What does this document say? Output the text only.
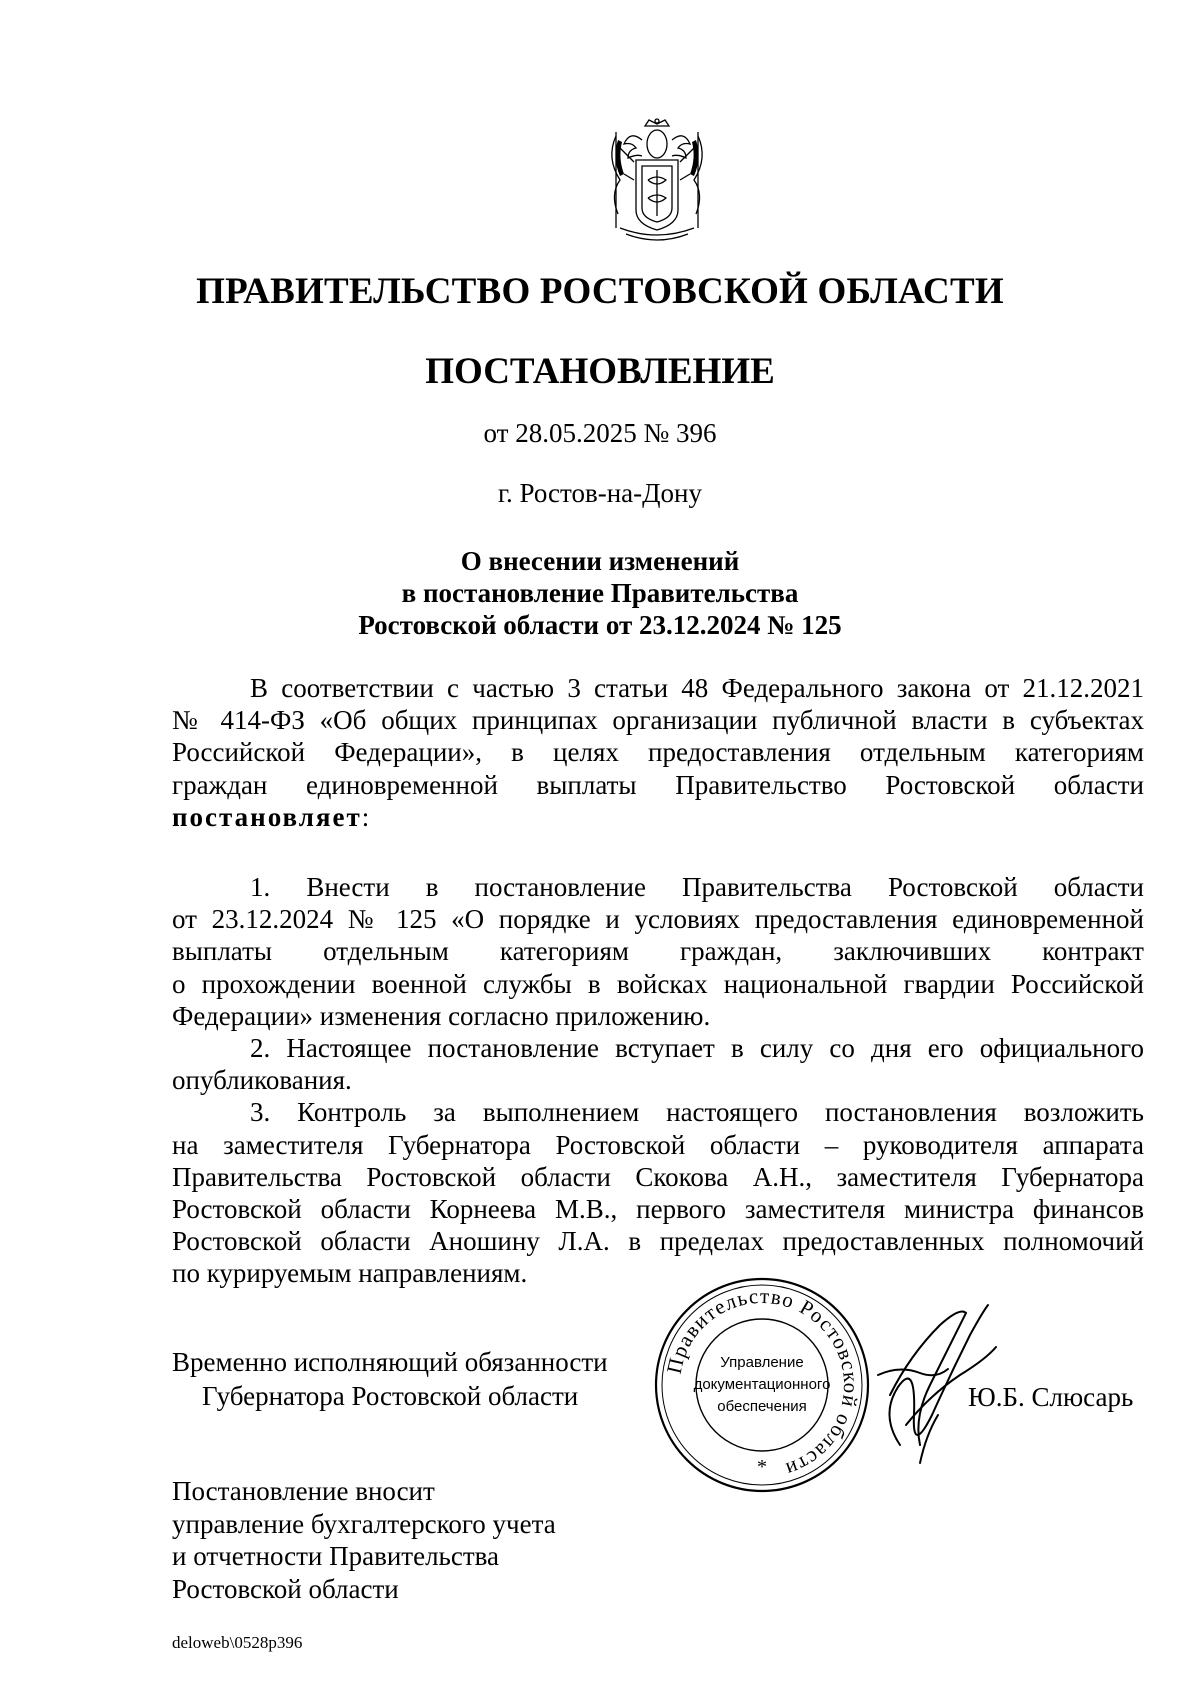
ПРАВИТЕЛЬСТВО РОСТОВСКОЙ ОБЛАСТИ
ПОСТАНОВЛЕНИЕ
от 28.05.2025 № 396
г. Ростов-на-Дону
О внесении изменений
в постановление Правительства
Ростовской области от 23.12.2024 № 125
В соответствии с частью 3 статьи 48 Федерального закона от 21.12.2021
№ 414-ФЗ «Об общих принципах организации публичной власти в субъектах
Российской Федерации», в целях предоставления отдельным категориям
граждан единовременной выплаты Правительство Ростовской области
постановляет:
1. Внести в постановление Правительства Ростовской области
от 23.12.2024 № 125 «О порядке и условиях предоставления единовременной
выплаты отдельным категориям граждан, заключивших контракт
о прохождении военной службы в войсках национальной гвардии Российской
Федерации» изменения согласно приложению.
2. Настоящее постановление вступает в силу со дня его официального
опубликования.
3. Контроль за выполнением настоящего постановления возложить
на заместителя Губернатора Ростовской области – руководителя аппарата
Правительства Ростовской области Скокова А.Н., заместителя Губернатора
Ростовской области Корнеева М.В., первого заместителя министра финансов
Ростовской области Аношину Л.А. в пределах предоставленных полномочий
по курируемым направлениям.
Временно исполняющий обязанности
Губернатора Ростовской области
Правительство Ростовской области
Управление
документационного
обеспечения
*
Ю.Б. Слюсарь
Постановление вносит
управление бухгалтерского учета
и отчетности Правительства
Ростовской области
deloweb\0528p396
